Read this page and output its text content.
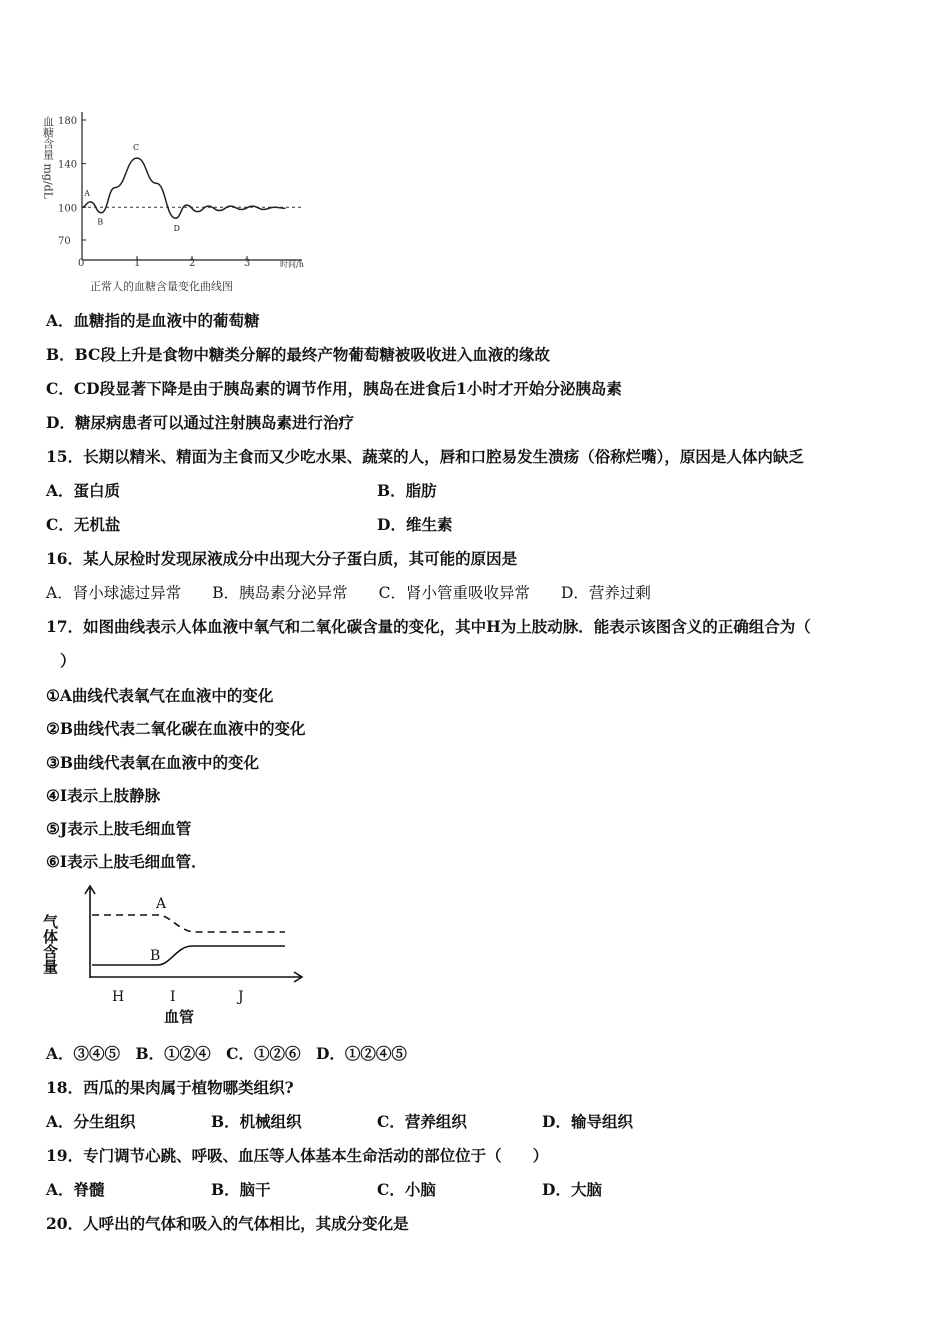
血糖含量 mg/dL 180
140
100
70
0	1	2	3
A
B
C
D
正常人的血糖含量变化曲线图
时间/h
A．血糖指的是血液中的葡萄糖
B．BC段上升是食物中糖类分解的最终产物葡萄糖被吸收进入血液的缘故
C．CD段显著下降是由于胰岛素的调节作用，胰岛在进食后1小时才开始分泌胰岛素
D．糖尿病患者可以通过注射胰岛素进行治疗
15．长期以精米、精面为主食而又少吃水果、蔬菜的人，唇和口腔易发生溃疡（俗称烂嘴），原因是人体内缺乏
A．蛋白质	B．脂肪
C．无机盐	D．维生素
16．某人尿检时发现尿液成分中出现大分子蛋白质，其可能的原因是
A．肾小球滤过异常　　B．胰岛素分泌异常　　C．肾小管重吸收异常　　D．营养过剩
17．如图曲线表示人体血液中氧气和二氧化碳含量的变化，其中H为上肢动脉．能表示该图含义的正确组合为（
）
①A曲线代表氧气在血液中的变化
②B曲线代表二氧化碳在血液中的变化
③B曲线代表氧在血液中的变化
④I表示上肢静脉
⑤J表示上肢毛细血管
⑥I表示上肢毛细血管．
气体含量
A
B
H	I	J
血管
A．③④⑤　B．①②④　C．①②⑥　D．①②④⑤
18．西瓜的果肉属于植物哪类组织?
A．分生组织	B．机械组织	C．营养组织	D．输导组织
19．专门调节心跳、呼吸、血压等人体基本生命活动的部位位于（　　）
A．脊髓	B．脑干	C．小脑	D．大脑
20．人呼出的气体和吸入的气体相比，其成分变化是
